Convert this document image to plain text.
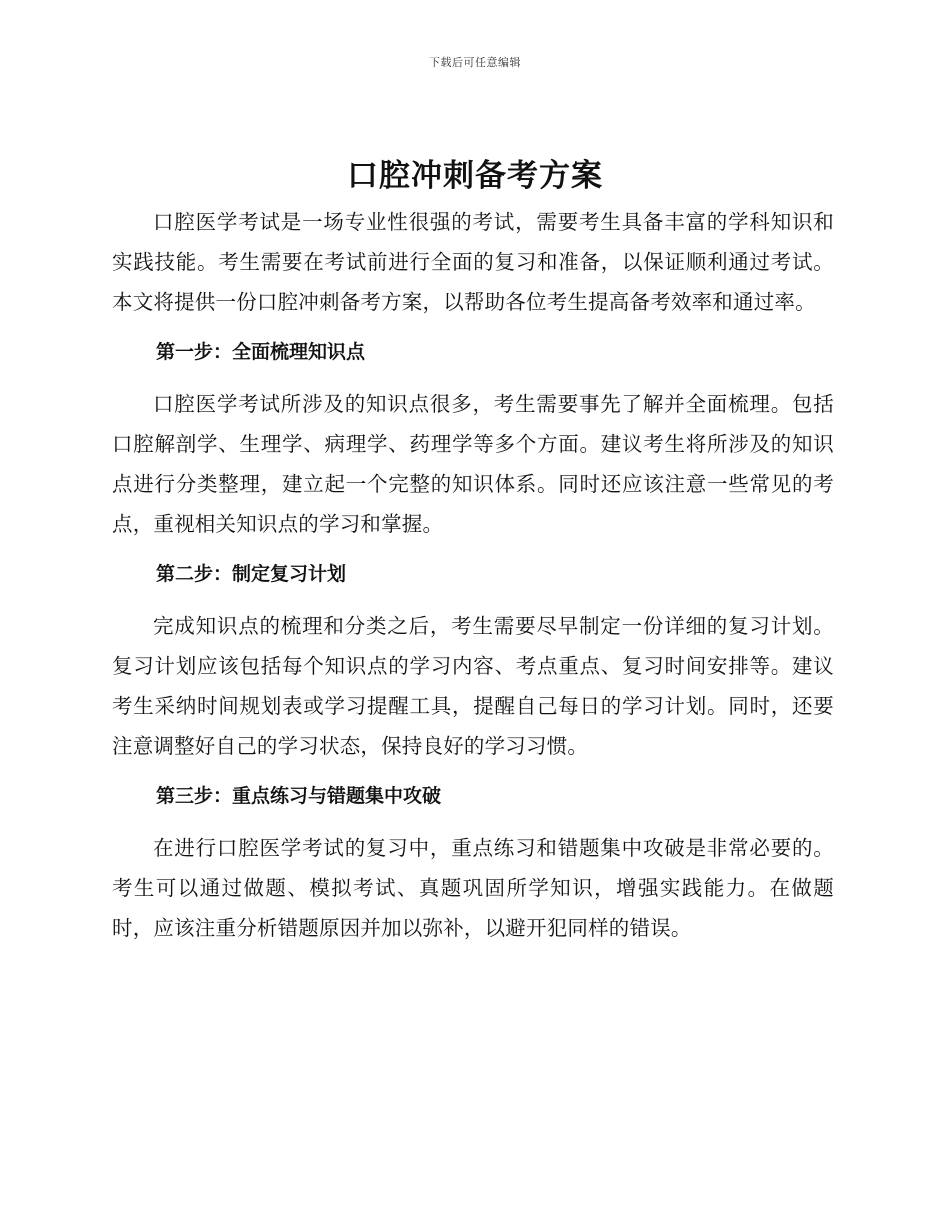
下载后可任意编辑
口腔冲刺备考方案

口腔医学考试是一场专业性很强的考试，需要考生具备丰富的学科知识和实践技能。考生需要在考试前进行全面的复习和准备，以保证顺利通过考试。本文将提供一份口腔冲刺备考方案，以帮助各位考生提高备考效率和通过率。

第一步：全面梳理知识点

口腔医学考试所涉及的知识点很多，考生需要事先了解并全面梳理。包括口腔解剖学、生理学、病理学、药理学等多个方面。建议考生将所涉及的知识点进行分类整理，建立起一个完整的知识体系。同时还应该注意一些常见的考点，重视相关知识点的学习和掌握。

第二步：制定复习计划

完成知识点的梳理和分类之后，考生需要尽早制定一份详细的复习计划。复习计划应该包括每个知识点的学习内容、考点重点、复习时间安排等。建议考生采纳时间规划表或学习提醒工具，提醒自己每日的学习计划。同时，还要注意调整好自己的学习状态，保持良好的学习习惯。

第三步：重点练习与错题集中攻破

在进行口腔医学考试的复习中，重点练习和错题集中攻破是非常必要的。考生可以通过做题、模拟考试、真题巩固所学知识，增强实践能力。在做题时，应该注重分析错题原因并加以弥补，以避开犯同样的错误。
